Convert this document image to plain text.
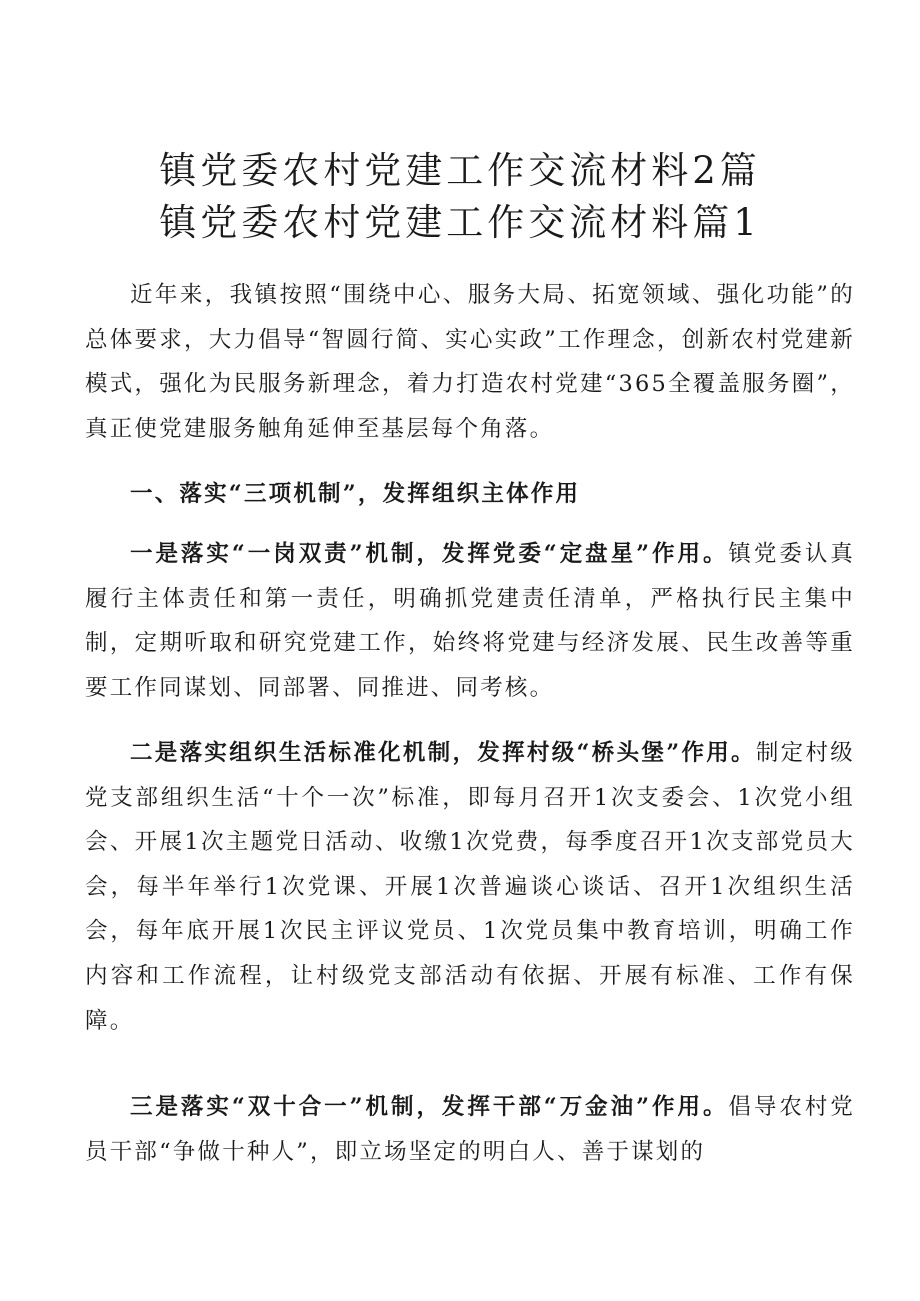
镇党委农村党建工作交流材料2篇
镇党委农村党建工作交流材料篇1

近年来，我镇按照“围绕中心、服务大局、拓宽领域、强化功能”的总体要求，大力倡导“智圆行简、实心实政”工作理念，创新农村党建新模式，强化为民服务新理念，着力打造农村党建“365全覆盖服务圈”，真正使党建服务触角延伸至基层每个角落。

一、落实“三项机制”，发挥组织主体作用

一是落实“一岗双责”机制，发挥党委“定盘星”作用。镇党委认真履行主体责任和第一责任，明确抓党建责任清单，严格执行民主集中制，定期听取和研究党建工作，始终将党建与经济发展、民生改善等重要工作同谋划、同部署、同推进、同考核。

二是落实组织生活标准化机制，发挥村级“桥头堡”作用。制定村级党支部组织生活“十个一次”标准，即每月召开1次支委会、1次党小组会、开展1次主题党日活动、收缴1次党费，每季度召开1次支部党员大会，每半年举行1次党课、开展1次普遍谈心谈话、召开1次组织生活会，每年底开展1次民主评议党员、1次党员集中教育培训，明确工作内容和工作流程，让村级党支部活动有依据、开展有标准、工作有保障。

三是落实“双十合一”机制，发挥干部“万金油”作用。倡导农村党员干部“争做十种人”，即立场坚定的明白人、善于谋划的
